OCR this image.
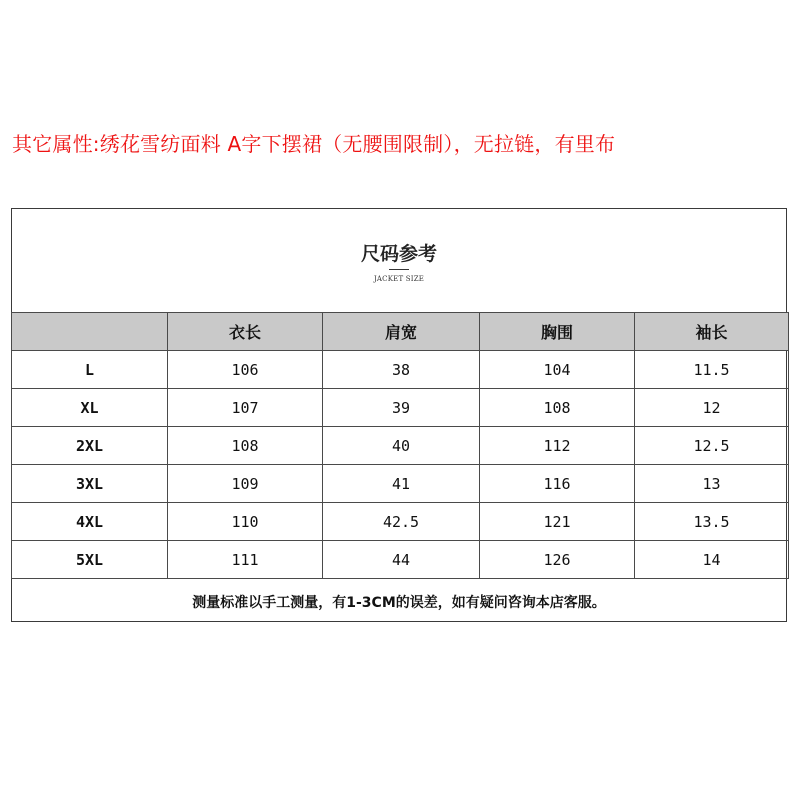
其它属性:绣花雪纺面料 A字下摆裙（无腰围限制），无拉链，有里布
尺码参考
JACKET SIZE
	衣长	肩宽	胸围	袖长
L	106	38	104	11.5
XL	107	39	108	12
2XL	108	40	112	12.5
3XL	109	41	116	13
4XL	110	42.5	121	13.5
5XL	111	44	126	14
测量标准以手工测量，有1-3CM的误差，如有疑问咨询本店客服。
